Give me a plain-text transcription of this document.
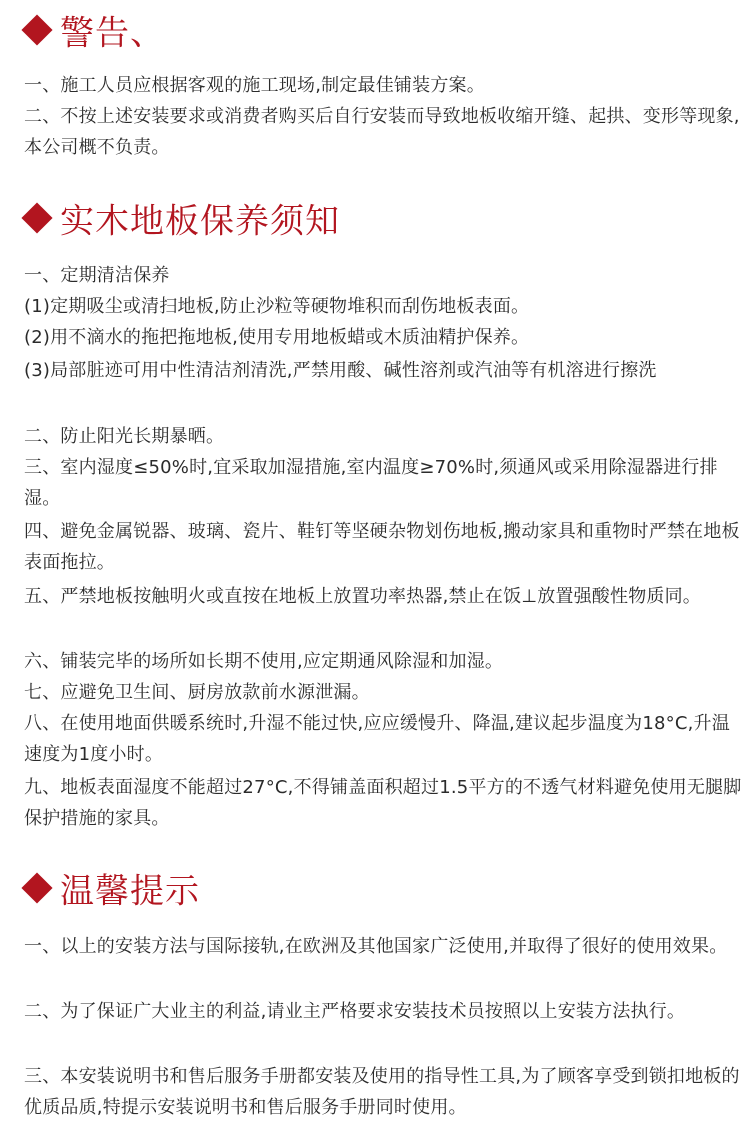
警告、
一、施工人员应根据客观的施工现场,制定最佳铺装方案。
二、不按上述安装要求或消费者购买后自行安装而导致地板收缩开缝、起拱、变形等现象,本公司概不负责。
实木地板保养须知
一、定期清洁保养
(1)定期吸尘或清扫地板,防止沙粒等硬物堆积而刮伤地板表面。
(2)用不滴水的拖把拖地板,使用专用地板蜡或木质油精护保养。
(3)局部脏迹可用中性清洁剂清洗,严禁用酸、碱性溶剂或汽油等有机溶进行擦洗
二、防止阳光长期暴晒。
三、室内湿度≤50%时,宜采取加湿措施,室内温度≥70%时,须通风或采用除湿器进行排湿。
四、避免金属锐器、玻璃、瓷片、鞋钉等坚硬杂物划伤地板,搬动家具和重物时严禁在地板表面拖拉。
五、严禁地板按触明火或直按在地板上放置功率热器,禁止在饭⊥放置强酸性物质同。
六、铺装完毕的场所如长期不使用,应定期通风除湿和加湿。
七、应避免卫生间、厨房放款前水源泄漏。
八、在使用地面供暖系统时,升湿不能过快,应应缓慢升、降温,建议起步温度为18°C,升温速度为1度小时。
九、地板表面湿度不能超过27°C,不得铺盖面积超过1.5平方的不透气材料避免使用无腿脚保护措施的家具。
温馨提示
一、以上的安装方法与国际接轨,在欧洲及其他国家广泛使用,并取得了很好的使用效果。
二、为了保证广大业主的利益,请业主严格要求安装技术员按照以上安装方法执行。
三、本安装说明书和售后服务手册都安装及使用的指导性工具,为了顾客享受到锁扣地板的优质品质,特提示安装说明书和售后服务手册同时使用。
